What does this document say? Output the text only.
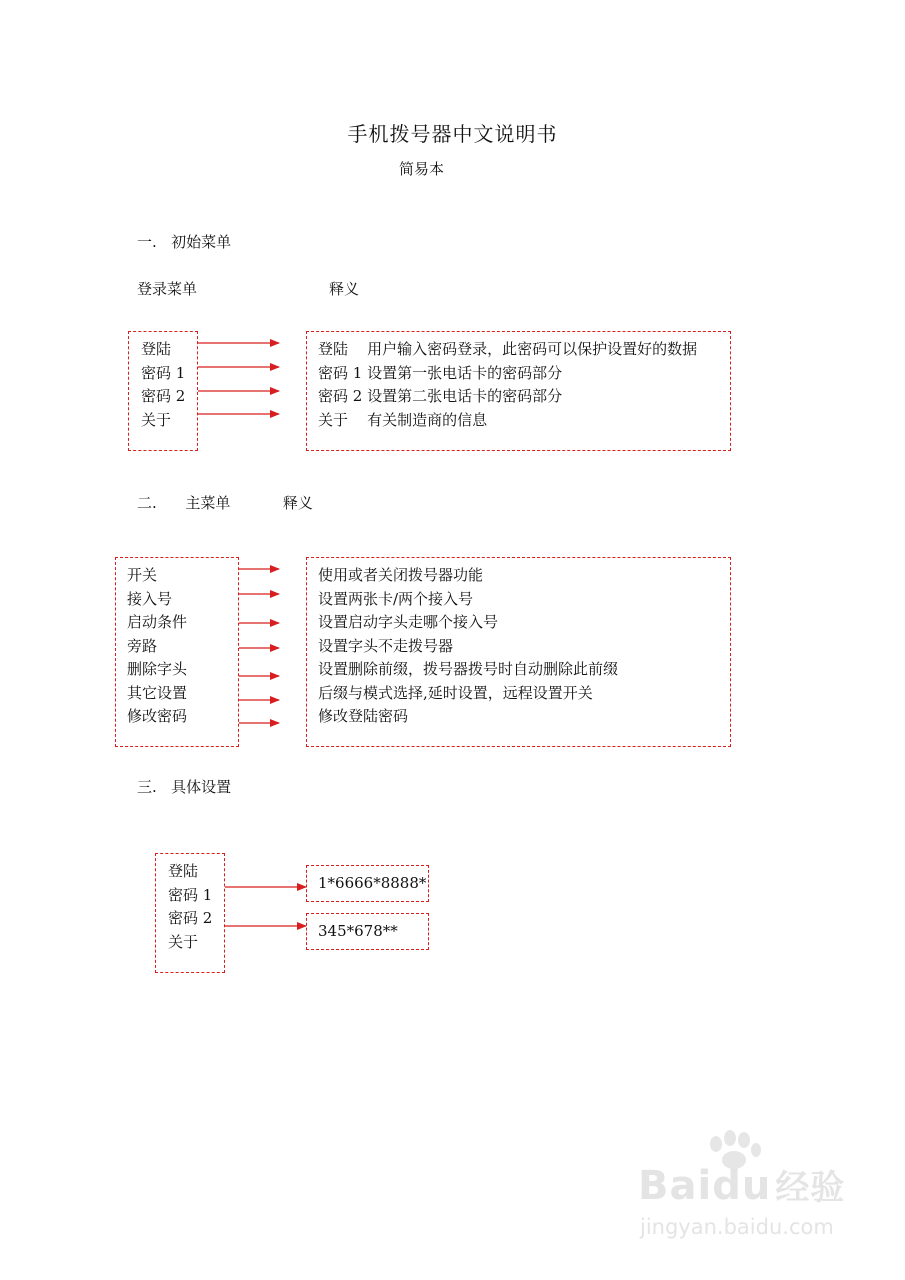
手机拨号器中文说明书
简易本
一.   初始菜单
登录菜单	释义
登陆
密码 1
密码 2
关于
登陆    用户输入密码登录，此密码可以保护设置好的数据
密码 1 设置第一张电话卡的密码部分
密码 2 设置第二张电话卡的密码部分
关于    有关制造商的信息
二.      主菜单           释义
开关
接入号
启动条件
旁路
删除字头
其它设置
修改密码
使用或者关闭拨号器功能
设置两张卡/两个接入号
设置启动字头走哪个接入号
设置字头不走拨号器
设置删除前缀，拨号器拨号时自动删除此前缀
后缀与模式选择,延时设置，远程设置开关
修改登陆密码
三.   具体设置
登陆
密码 1
密码 2
关于
1*6666*8888*
345*678**
Baidu 经验
jingyan.baidu.com
